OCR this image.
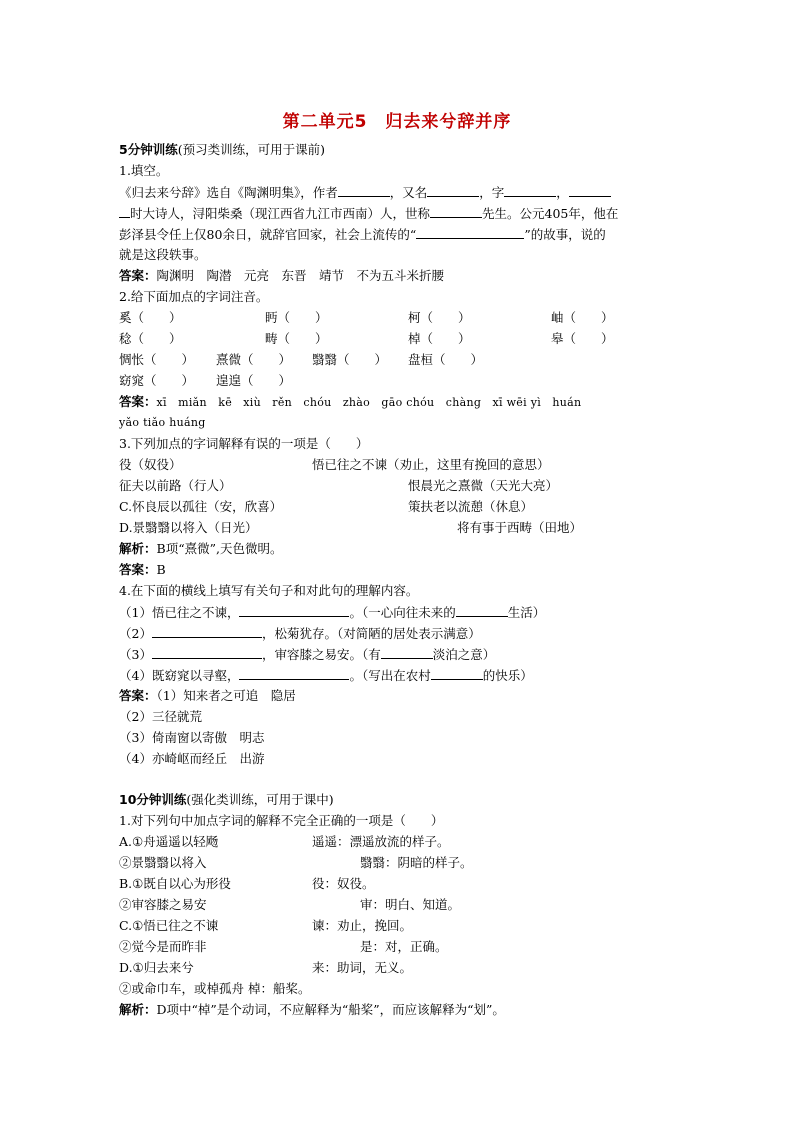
第二单元5　归去来兮辞并序
5分钟训练(预习类训练，可用于课前)
1.填空。
《归去来兮辞》选自《陶渊明集》，作者	，又名	，字	，
时大诗人，浔阳柴桑（现江西省九江市西南）人，世称	先生。公元405年，他在
彭泽县令任上仅80余日，就辞官回家，社会上流传的“	”的故事，说的
就是这段轶事。
答案：陶渊明　陶潜　元亮　东晋　靖节　不为五斗米折腰
2.给下面加点的字词注音。
奚（　　）	眄（　　）	柯（　　）	岫（　　）
稔（　　）	畴（　　）	棹（　　）	皋（　　）
惆怅（　　） 熹微（　　） 翳翳（　　） 盘桓（　　）
窈窕（　　） 遑遑（　　）
答案：xī　miǎn　kē　xiù　rěn　chóu　zhào　gāo chóu　chàng　xī wēi yì　huán
yǎo tiǎo huáng
3.下列加点的字词解释有误的一项是（　　）
役（奴役）	悟已往之不谏（劝止，这里有挽回的意思）
征夫以前路（行人）	恨晨光之熹微（天光大亮）
C.怀良辰以孤往（安，欣喜）	策扶老以流憩（休息）
D.景翳翳以将入（日光）	将有事于西畴（田地）
解析：B项“熹微”,天色微明。
答案：B
4.在下面的横线上填写有关句子和对此句的理解内容。
（1）悟已往之不谏，	。（一心向往未来的	生活）
（2）	，松菊犹存。（对简陋的居处表示满意）
（3）	，审容膝之易安。（有	淡泊之意）
（4）既窈窕以寻壑，	。（写出在农村	的快乐）
答案：（1）知来者之可追　隐居
（2）三径就荒
（3）倚南窗以寄傲　明志
（4）亦崎岖而经丘　出游
10分钟训练(强化类训练，可用于课中)
1.对下列句中加点字词的解释不完全正确的一项是（　　）
A.①舟遥遥以轻飏	遥遥：漂遥放流的样子。
②景翳翳以将入	翳翳：阴暗的样子。
B.①既自以心为形役	役：奴役。
②审容膝之易安	审：明白、知道。
C.①悟已往之不谏	谏：劝止，挽回。
②觉今是而昨非	是：对，正确。
D.①归去来兮	来：助词，无义。
②或命巾车，或棹孤舟 棹：船桨。
解析：D项中“棹”是个动词，不应解释为“船桨”，而应该解释为“划”。
